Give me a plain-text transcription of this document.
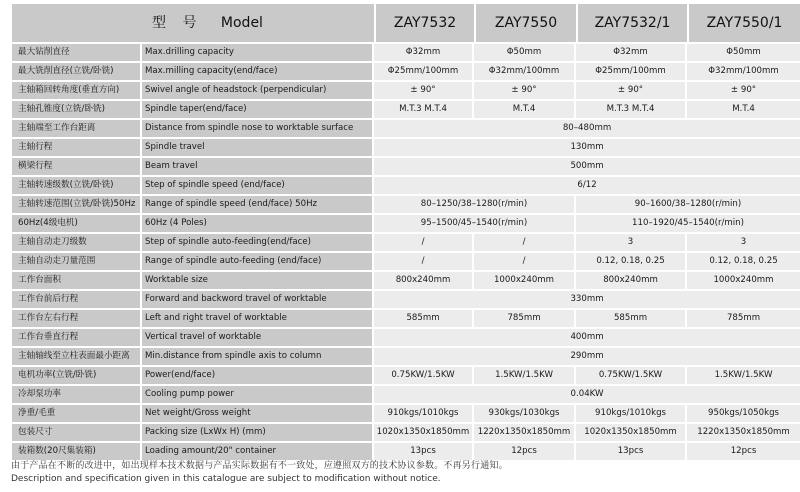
型 号 Model		ZAY7532	ZAY7550	ZAY7532/1	ZAY7550/1
最大钻削直径	Max.drilling capacity	Φ32mm	Φ50mm	Φ32mm	Φ50mm
最大铣削直径(立铣/卧铣)	Max.milling capacity(end/face)	Φ25mm/100mm	Φ32mm/100mm	Φ25mm/100mm	Φ32mm/100mm
主轴箱回转角度(垂直方向)	Swivel angle of headstock (perpendicular)	± 90°	± 90°	± 90°	± 90°
主轴孔锥度(立铣/卧铣)	Spindle taper(end/face)	M.T.3 M.T.4	M.T.4	M.T.3 M.T.4	M.T.4
主轴端至工作台距离	Distance from spindle nose to worktable surface	80–480mm			
主轴行程	Spindle travel	130mm			
横梁行程	Beam travel	500mm			
主轴转速级数(立铣/卧铣)	Step of spindle speed (end/face)	6/12			
主轴转速范围(立铣/卧铣)50Hz	Range of spindle speed (end/face) 50Hz	80–1250/38–1280(r/min)		90–1600/38–1280(r/min)	
60Hz(4级电机)	60Hz (4 Poles)	95–1500/45–1540(r/min)		110–1920/45–1540(r/min)	
主轴自动走刀级数	Step of spindle auto-feeding(end/face)	/	/	3	3
主轴自动走刀量范围	Range of spindle auto-feeding (end/face)	/	/	0.12, 0.18, 0.25	0.12, 0.18, 0.25
工作台面积	Worktable size	800x240mm	1000x240mm	800x240mm	1000x240mm
工作台前后行程	Forward and backword travel of worktable	330mm			
工作台左右行程	Left and right travel of worktable	585mm	785mm	585mm	785mm
工作台垂直行程	Vertical travel of worktable	400mm			
主轴轴线至立柱表面最小距离	Min.distance from spindle axis to column	290mm			
电机功率(立铣/卧铣)	Power(end/face)	0.75KW/1.5KW	1.5KW/1.5KW	0.75KW/1.5KW	1.5KW/1.5KW
冷却泵功率	Cooling pump power	0.04KW			
净重/毛重	Net weight/Gross weight	910kgs/1010kgs	930kgs/1030kgs	910kgs/1010kgs	950kgs/1050kgs
包装尺寸	Packing size (LxWx H) (mm)	1020x1350x1850mm	1220x1350x1850mm	1020x1350x1850mm	1220x1350x1850mm
装箱数(20尺集装箱)	Loading amount/20" container	13pcs	12pcs	13pcs	12pcs
由于产品在不断的改进中，如出现样本技术数据与产品实际数据有不一致处，应遵照双方的技术协议参数。不再另行通知。
Description and specification given in this catalogue are subject to modification without notice.
